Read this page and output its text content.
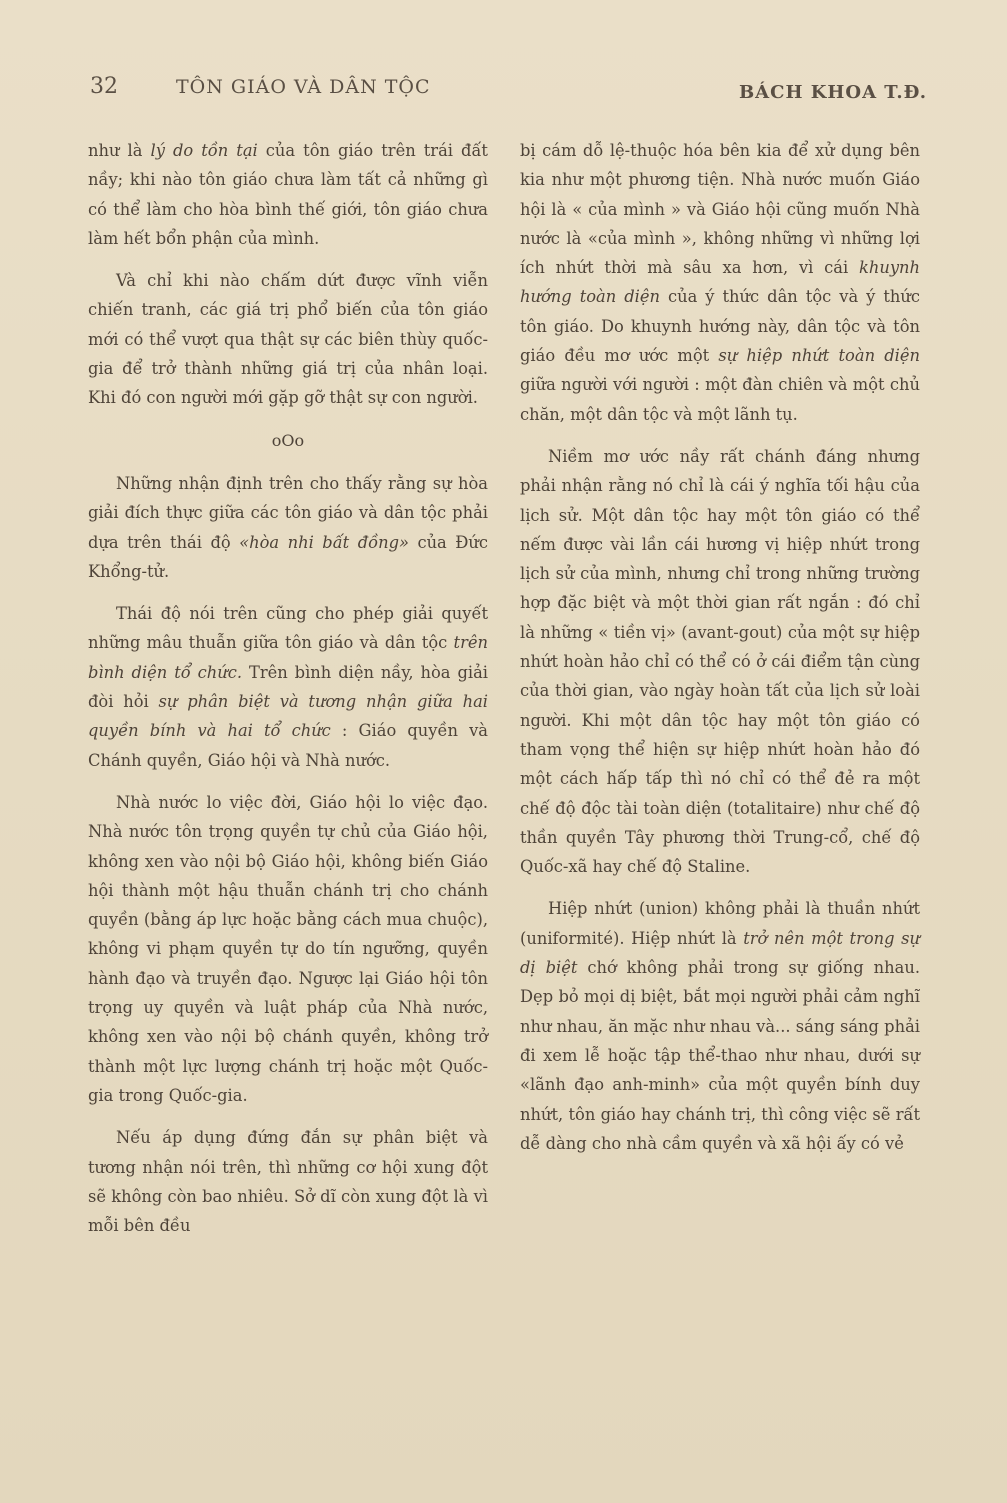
32	TÔN GIÁO VÀ DÂN TỘC	BÁCH KHOA T.Đ.

như là lý do tồn tại của tôn giáo trên trái đất nầy; khi nào tôn giáo chưa làm tất cả những gì có thể làm cho hòa bình thế giới, tôn giáo chưa làm hết bổn phận của mình.

Và chỉ khi nào chấm dứt được vĩnh viễn chiến tranh, các giá trị phổ biến của tôn giáo mới có thể vượt qua thật sự các biên thùy quốc-gia để trở thành những giá trị của nhân loại. Khi đó con người mới gặp gỡ thật sự con người.

oOo

Những nhận định trên cho thấy rằng sự hòa giải đích thực giữa các tôn giáo và dân tộc phải dựa trên thái độ «hòa nhi bất đồng» của Đức Khổng-tử.

Thái độ nói trên cũng cho phép giải quyết những mâu thuẫn giữa tôn giáo và dân tộc trên bình diện tổ chức. Trên bình diện nầy, hòa giải đòi hỏi sự phân biệt và tương nhận giữa hai quyền bính và hai tổ chức : Giáo quyền và Chánh quyền, Giáo hội và Nhà nước.

Nhà nước lo việc đời, Giáo hội lo việc đạo. Nhà nước tôn trọng quyền tự chủ của Giáo hội, không xen vào nội bộ Giáo hội, không biến Giáo hội thành một hậu thuẫn chánh trị cho chánh quyền (bằng áp lực hoặc bằng cách mua chuộc), không vi phạm quyền tự do tín ngưỡng, quyền hành đạo và truyền đạo. Ngược lại Giáo hội tôn trọng uy quyền và luật pháp của Nhà nước, không xen vào nội bộ chánh quyền, không trở thành một lực lượng chánh trị hoặc một Quốc-gia trong Quốc-gia.

Nếu áp dụng đứng đắn sự phân biệt và tương nhận nói trên, thì những cơ hội xung đột sẽ không còn bao nhiêu. Sở dĩ còn xung đột là vì mỗi bên đều

bị cám dỗ lệ-thuộc hóa bên kia để xử dụng bên kia như một phương tiện. Nhà nước muốn Giáo hội là « của mình » và Giáo hội cũng muốn Nhà nước là «của mình », không những vì những lợi ích nhứt thời mà sâu xa hơn, vì cái khuynh hướng toàn diện của ý thức dân tộc và ý thức tôn giáo. Do khuynh hướng này, dân tộc và tôn giáo đều mơ ước một sự hiệp nhứt toàn diện giữa người với người : một đàn chiên và một chủ chăn, một dân tộc và một lãnh tụ.

Niềm mơ ước nầy rất chánh đáng nhưng phải nhận rằng nó chỉ là cái ý nghĩa tối hậu của lịch sử. Một dân tộc hay một tôn giáo có thể nếm được vài lần cái hương vị hiệp nhứt trong lịch sử của mình, nhưng chỉ trong những trường hợp đặc biệt và một thời gian rất ngắn : đó chỉ là những « tiền vị» (avant-gout) của một sự hiệp nhứt hoàn hảo chỉ có thể có ở cái điểm tận cùng của thời gian, vào ngày hoàn tất của lịch sử loài người. Khi một dân tộc hay một tôn giáo có tham vọng thể hiện sự hiệp nhứt hoàn hảo đó một cách hấp tấp thì nó chỉ có thể đẻ ra một chế độ độc tài toàn diện (totalitaire) như chế độ thần quyền Tây phương thời Trung-cổ, chế độ Quốc-xã hay chế độ Staline.

Hiệp nhứt (union) không phải là thuần nhứt (uniformité). Hiệp nhứt là trở nên một trong sự dị biệt chớ không phải trong sự giống nhau. Dẹp bỏ mọi dị biệt, bắt mọi người phải cảm nghĩ như nhau, ăn mặc như nhau và... sáng sáng phải đi xem lễ hoặc tập thể-thao như nhau, dưới sự «lãnh đạo anh-minh» của một quyền bính duy nhứt, tôn giáo hay chánh trị, thì công việc sẽ rất dễ dàng cho nhà cầm quyền và xã hội ấy có vẻ
